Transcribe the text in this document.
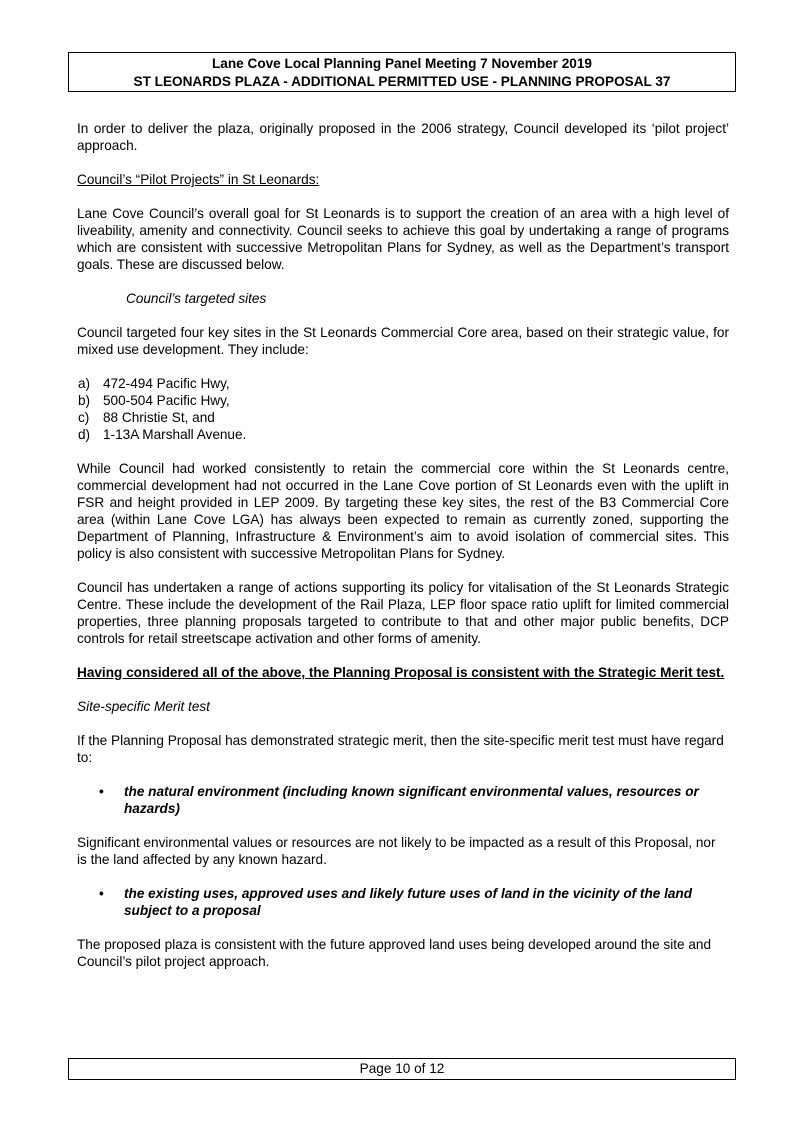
Lane Cove Local Planning Panel Meeting 7 November 2019
ST LEONARDS PLAZA - ADDITIONAL PERMITTED USE - PLANNING PROPOSAL 37

In order to deliver the plaza, originally proposed in the 2006 strategy, Council developed its ‘pilot project’ approach.

Council’s “Pilot Projects” in St Leonards:

Lane Cove Council’s overall goal for St Leonards is to support the creation of an area with a high level of liveability, amenity and connectivity. Council seeks to achieve this goal by undertaking a range of programs which are consistent with successive Metropolitan Plans for Sydney, as well as the Department’s transport goals. These are discussed below.

Council’s targeted sites

Council targeted four key sites in the St Leonards Commercial Core area, based on their strategic value, for mixed use development. They include:

a) 472-494 Pacific Hwy,
b) 500-504 Pacific Hwy,
c)	88 Christie St, and
d) 1-13A Marshall Avenue.

While Council had worked consistently to retain the commercial core within the St Leonards centre, commercial development had not occurred in the Lane Cove portion of St Leonards even with the uplift in FSR and height provided in LEP 2009. By targeting these key sites, the rest of the B3 Commercial Core area (within Lane Cove LGA) has always been expected to remain as currently zoned, supporting the Department of Planning, Infrastructure & Environment’s aim to avoid isolation of commercial sites. This policy is also consistent with successive Metropolitan Plans for Sydney.

Council has undertaken a range of actions supporting its policy for vitalisation of the St Leonards Strategic Centre. These include the development of the Rail Plaza, LEP floor space ratio uplift for limited commercial properties, three planning proposals targeted to contribute to that and other major public benefits, DCP controls for retail streetscape activation and other forms of amenity.

Having considered all of the above, the Planning Proposal is consistent with the Strategic Merit test.

Site-specific Merit test

If the Planning Proposal has demonstrated strategic merit, then the site-specific merit test must have regard to:

•	the natural environment (including known significant environmental values, resources or hazards)

Significant environmental values or resources are not likely to be impacted as a result of this Proposal, nor is the land affected by any known hazard.

•	the existing uses, approved uses and likely future uses of land in the vicinity of the land subject to a proposal

The proposed plaza is consistent with the future approved land uses being developed around the site and Council’s pilot project approach.

Page 10 of 12
